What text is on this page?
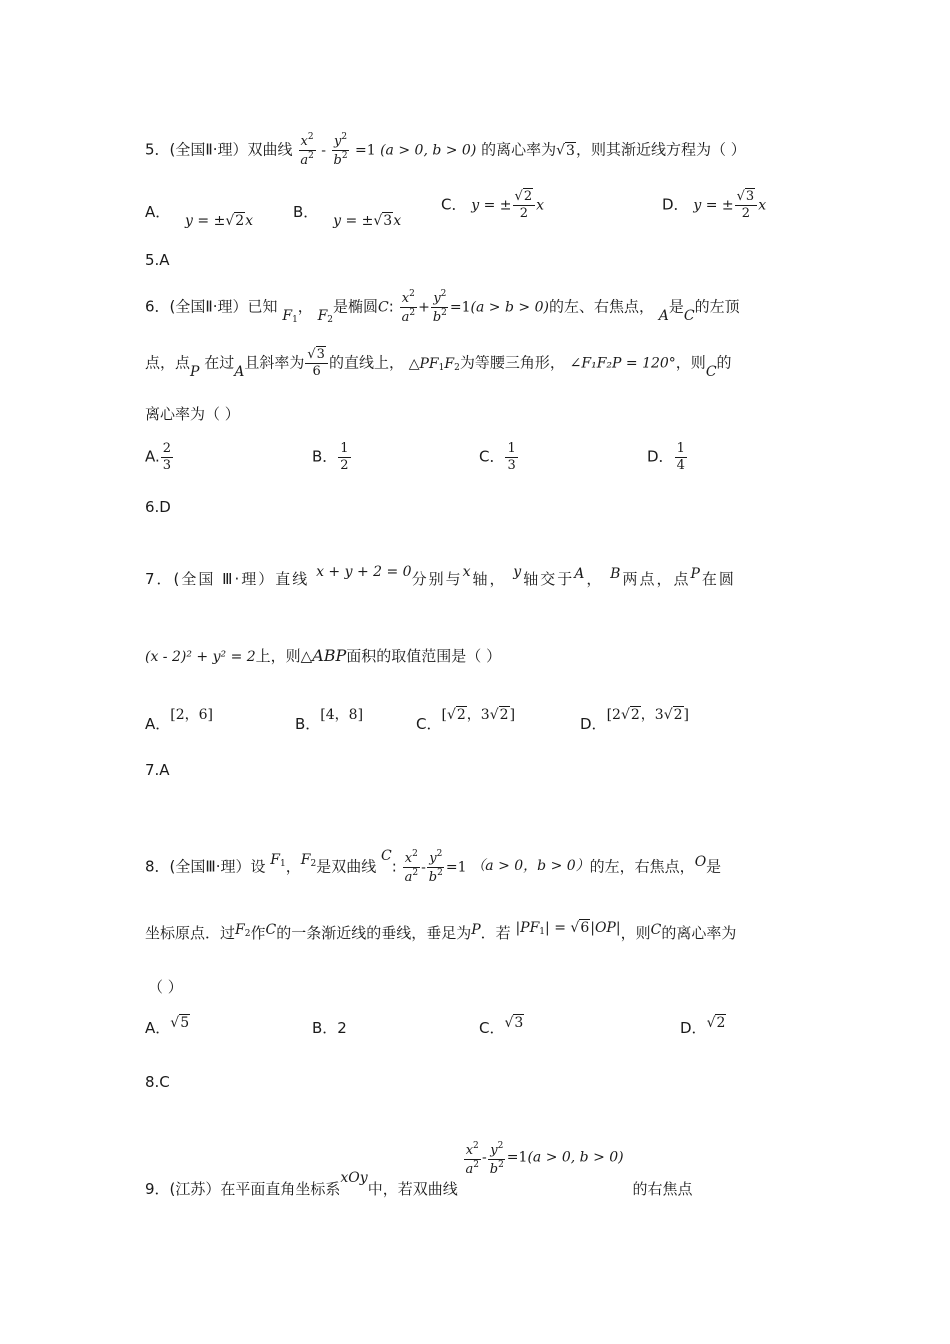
5．(全国Ⅱ·理）双曲线 $\frac{x^2}{a^2} - \frac{y^2}{b^2} =1$ (a > 0, b > 0) 的离心率为√3，则其渐近线方程为（ ）
A． y = ±√2x	B． y = ±√3x
C． y = ± $\frac{√2}{2}$ x	D． y = ± $\frac{√3}{2}$ x
5.A
6．(全国Ⅱ·理）已知 $F_1$， $F_2$是椭圆C: $\frac{x^2}{a^2} + \frac{y^2}{b^2} =1(a > b > 0)$的左、右焦点， A是C的左顶
点，点P 在过A且斜率为 $\frac{√3}{6}$ 的直线上， $\triangle PF_1F_2$为等腰三角形， ∠F₁F₂P = 120°，则C的
离心率为（ ）
A. $\frac{2}{3}$	B． $\frac{1}{2}$	C． $\frac{1}{3}$	D． $\frac{1}{4}$
6.D
7．(全国 Ⅲ·理）直线 x + y + 2 = 0分别与x轴， y轴交于A， B两点，点P在圆
(x - 2)² + y² = 2上，则△ABP面积的取值范围是（ ）
A．[2，6]	B．[4，8]	C．[√2，3√2]	D．[2√2，3√2]
7.A
8．(全国Ⅲ·理）设 $F_1$，$F_2$是双曲线 C: $\frac{x^2}{a^2} - \frac{y^2}{b^2} =1$ （a > 0，b > 0）的左，右焦点，O是
坐标原点．过$F_2$作C的一条渐近线的垂线，垂足为P．若 $|PF_1| = √6|OP|$，则C的离心率为
（ ）
A．√5	B．2	C．√3	D．√2
8.C
9．(江苏）在平面直角坐标系xOy中，若双曲线
$\frac{x^2}{a^2} - \frac{y^2}{b^2} =1(a > 0$, b > 0) 的右焦点
